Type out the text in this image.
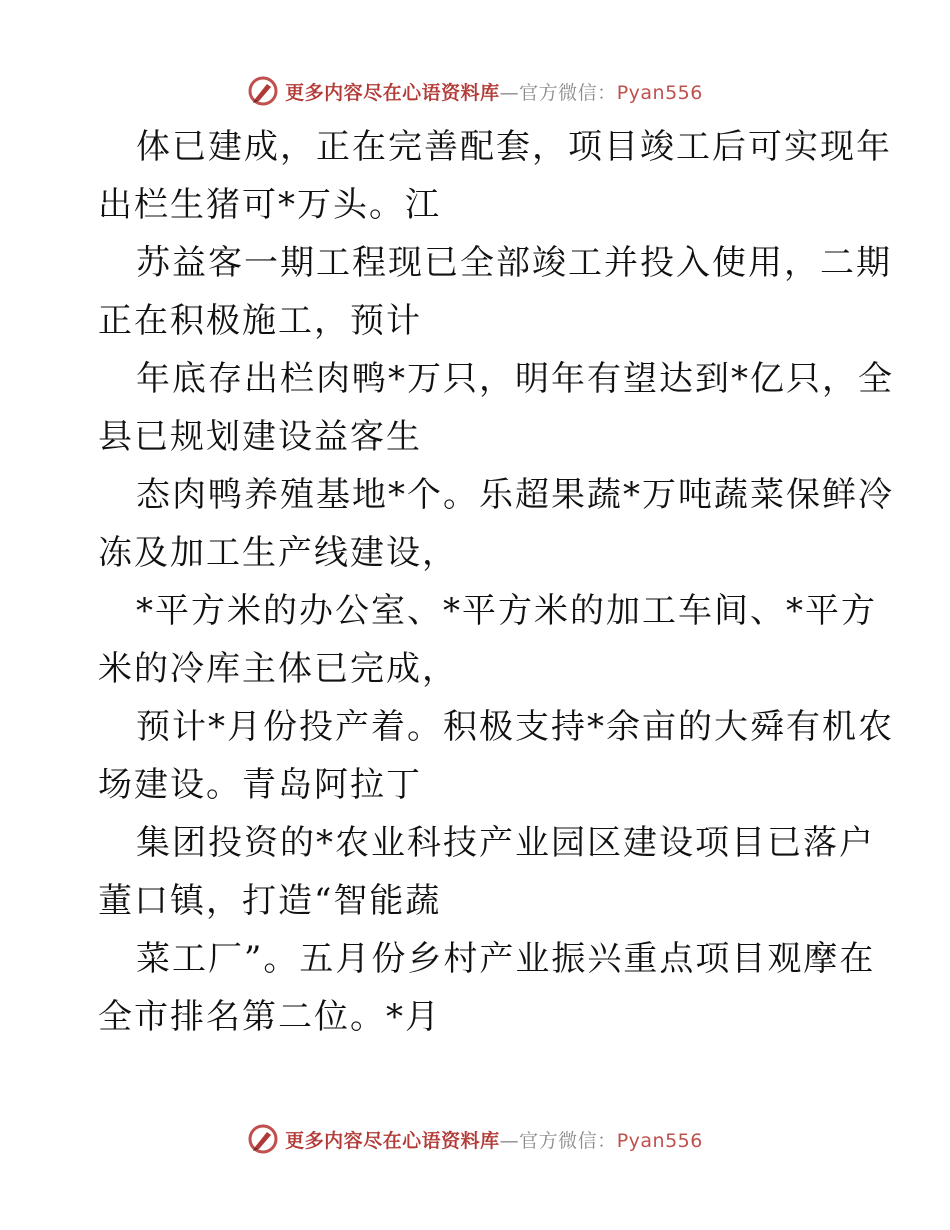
更多内容尽在心语资料库—官方微信：Pyan556

体已建成，正在完善配套，项目竣工后可实现年
出栏生猪可*万头。江

苏益客一期工程现已全部竣工并投入使用，二期
正在积极施工，预计

年底存出栏肉鸭*万只，明年有望达到*亿只，全
县已规划建设益客生

态肉鸭养殖基地*个。乐超果蔬*万吨蔬菜保鲜冷
冻及加工生产线建设，

*平方米的办公室、*平方米的加工车间、*平方
米的冷库主体已完成，

预计*月份投产着。积极支持*余亩的大舜有机农
场建设。青岛阿拉丁

集团投资的*农业科技产业园区建设项目已落户
董口镇，打造“智能蔬

菜工厂”。五月份乡村产业振兴重点项目观摩在
全市排名第二位。*月

更多内容尽在心语资料库—官方微信：Pyan556
